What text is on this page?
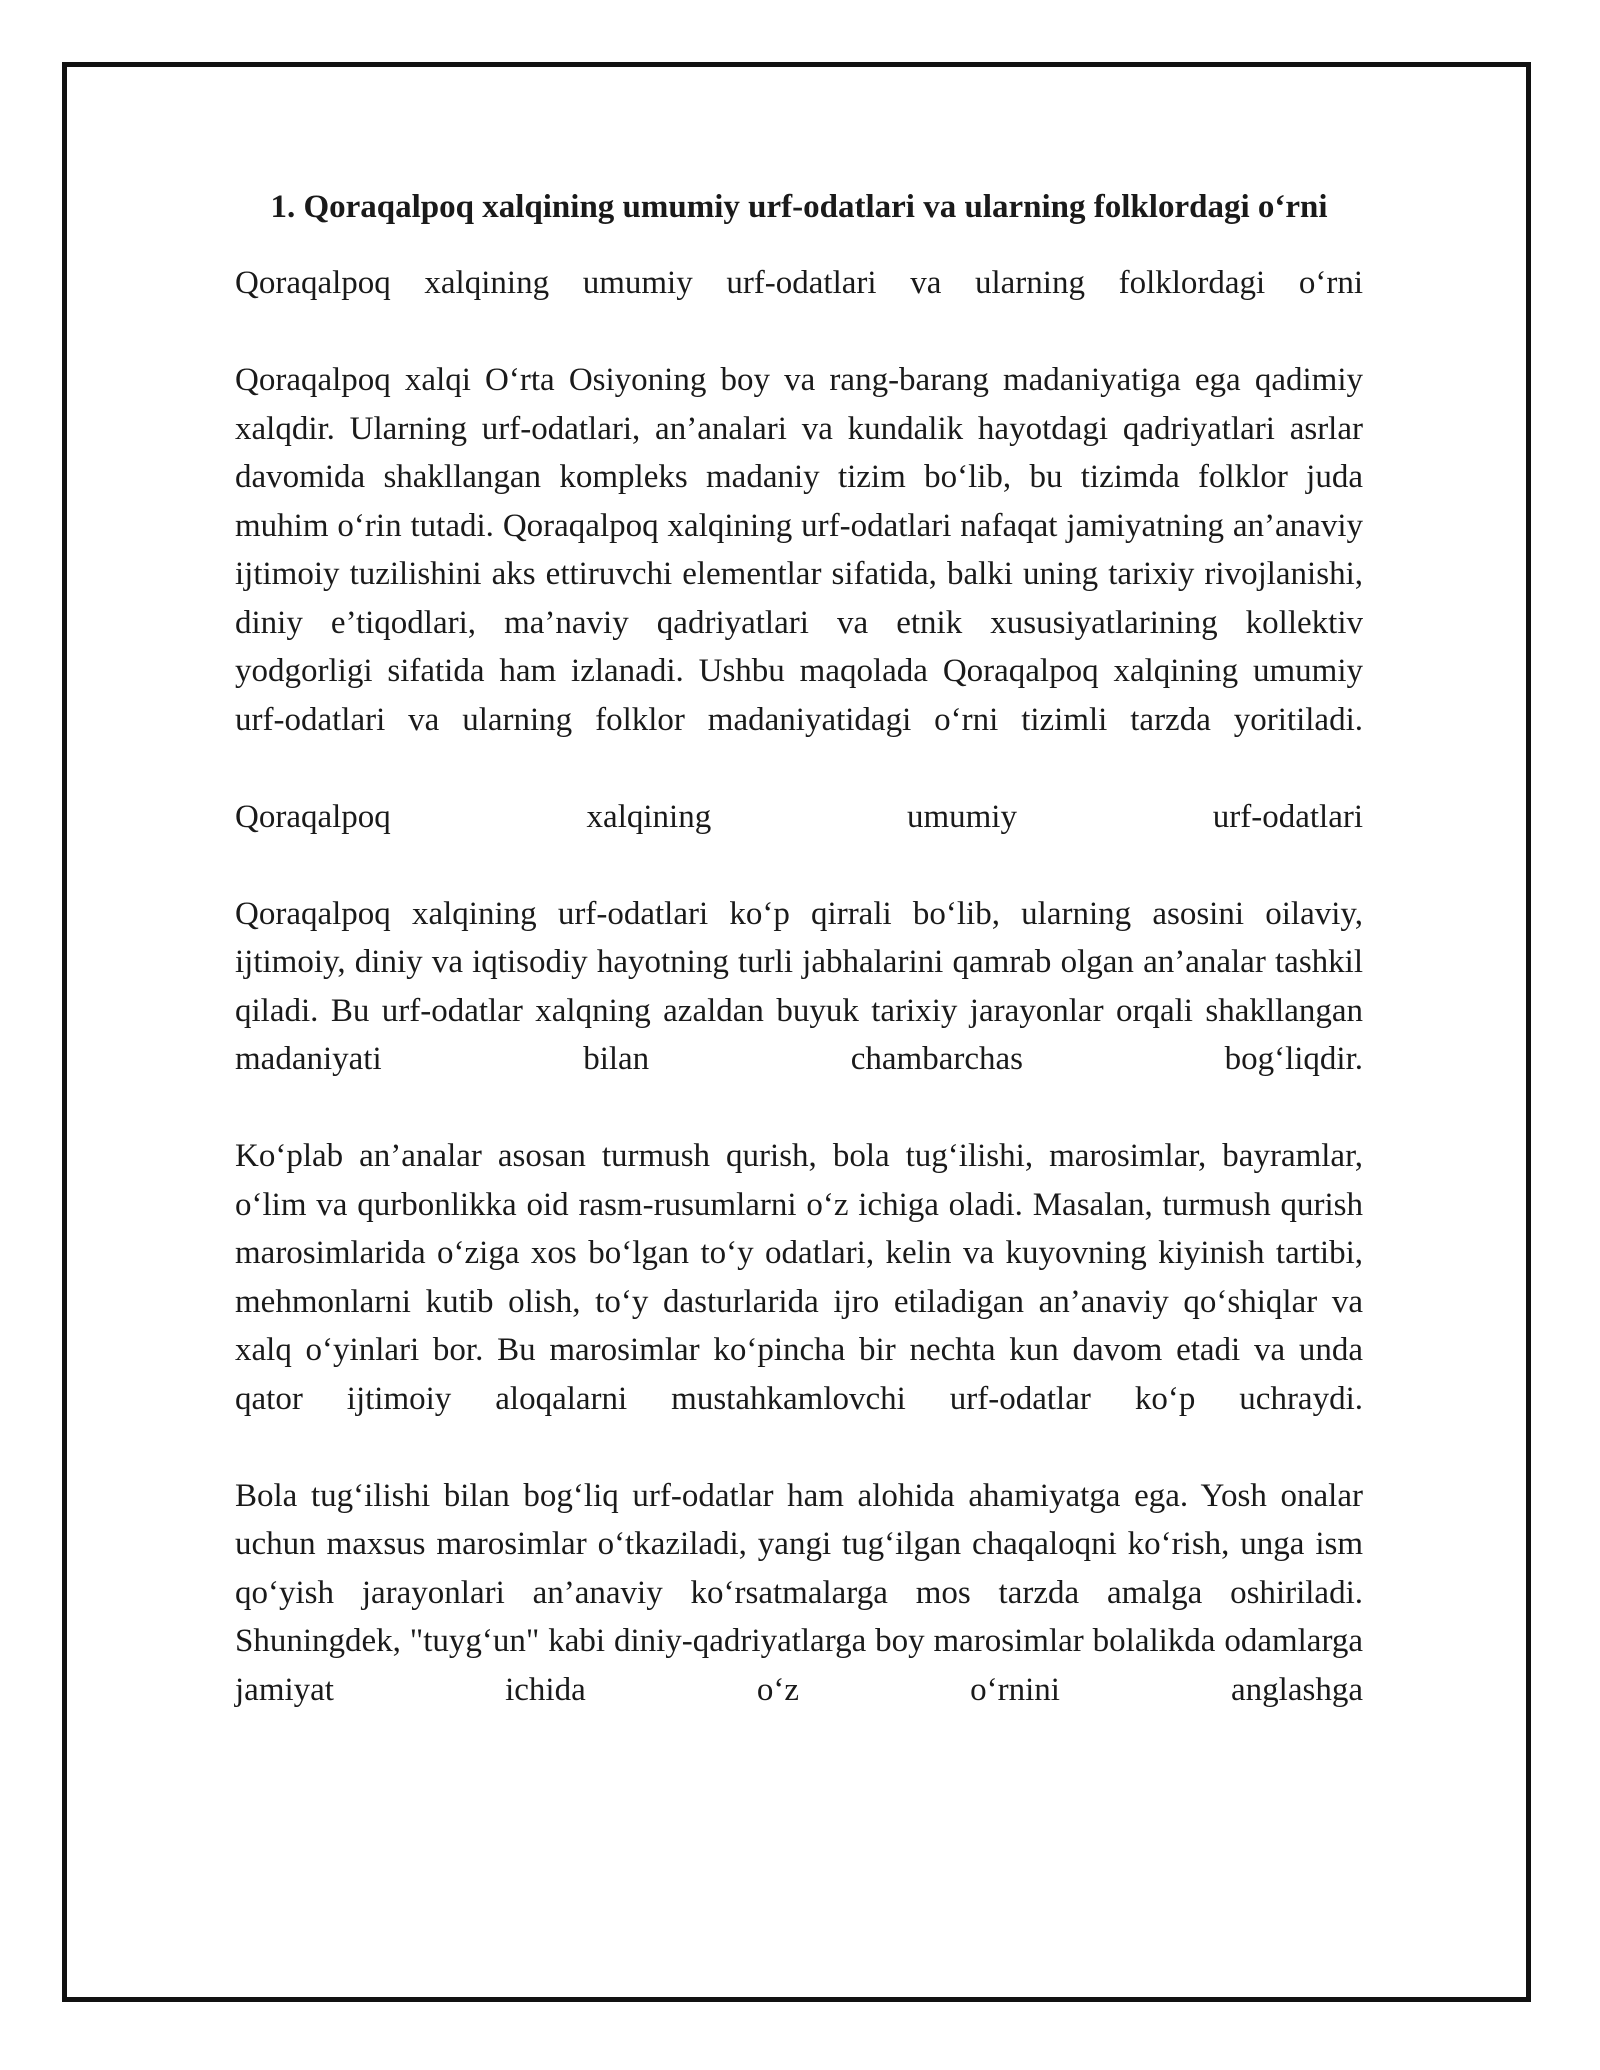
1. Qoraqalpoq xalqining umumiy urf-odatlari va ularning folklordagi o‘rni

Qoraqalpoq xalqining umumiy urf-odatlari va ularning folklordagi o‘rni

Qoraqalpoq xalqi O‘rta Osiyoning boy va rang-barang madaniyatiga ega qadimiy xalqdir. Ularning urf-odatlari, an’analari va kundalik hayotdagi qadriyatlari asrlar davomida shakllangan kompleks madaniy tizim bo‘lib, bu tizimda folklor juda muhim o‘rin tutadi. Qoraqalpoq xalqining urf-odatlari nafaqat jamiyatning an’anaviy ijtimoiy tuzilishini aks ettiruvchi elementlar sifatida, balki uning tarixiy rivojlanishi, diniy e’tiqodlari, ma’naviy qadriyatlari va etnik xususiyatlarining kollektiv yodgorligi sifatida ham izlanadi. Ushbu maqolada Qoraqalpoq xalqining umumiy urf-odatlari va ularning folklor madaniyatidagi o‘rni tizimli tarzda yoritiladi.

Qoraqalpoq xalqining umumiy urf-odatlari

Qoraqalpoq xalqining urf-odatlari ko‘p qirrali bo‘lib, ularning asosini oilaviy, ijtimoiy, diniy va iqtisodiy hayotning turli jabhalarini qamrab olgan an’analar tashkil qiladi. Bu urf-odatlar xalqning azaldan buyuk tarixiy jarayonlar orqali shakllangan madaniyati bilan chambarchas bog‘liqdir.

Ko‘plab an’analar asosan turmush qurish, bola tug‘ilishi, marosimlar, bayramlar, o‘lim va qurbonlikka oid rasm-rusumlarni o‘z ichiga oladi. Masalan, turmush qurish marosimlarida o‘ziga xos bo‘lgan to‘y odatlari, kelin va kuyovning kiyinish tartibi, mehmonlarni kutib olish, to‘y dasturlarida ijro etiladigan an’anaviy qo‘shiqlar va xalq o‘yinlari bor. Bu marosimlar ko‘pincha bir nechta kun davom etadi va unda qator ijtimoiy aloqalarni mustahkamlovchi urf-odatlar ko‘p uchraydi.

Bola tug‘ilishi bilan bog‘liq urf-odatlar ham alohida ahamiyatga ega. Yosh onalar uchun maxsus marosimlar o‘tkaziladi, yangi tug‘ilgan chaqaloqni ko‘rish, unga ism qo‘yish jarayonlari an’anaviy ko‘rsatmalarga mos tarzda amalga oshiriladi. Shuningdek, "tuyg‘un" kabi diniy-qadriyatlarga boy marosimlar bolalikda odamlarga jamiyat ichida o‘z o‘rnini anglashga
